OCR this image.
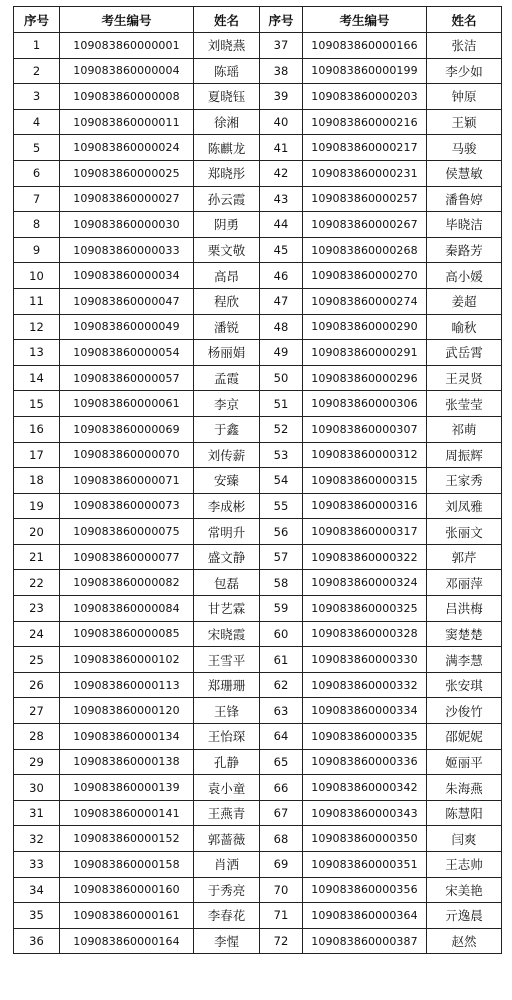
序号	考生编号	姓名	序号	考生编号	姓名
1	109083860000001	刘晓燕	37	109083860000166	张洁
2	109083860000004	陈瑶	38	109083860000199	李少如
3	109083860000008	夏晓钰	39	109083860000203	钟原
4	109083860000011	徐湘	40	109083860000216	王颖
5	109083860000024	陈麒龙	41	109083860000217	马骏
6	109083860000025	郑晓彤	42	109083860000231	侯慧敏
7	109083860000027	孙云霞	43	109083860000257	潘鲁婷
8	109083860000030	阴勇	44	109083860000267	毕晓洁
9	109083860000033	栗文敬	45	109083860000268	秦路芳
10	109083860000034	高昂	46	109083860000270	高小媛
11	109083860000047	程欣	47	109083860000274	姜超
12	109083860000049	潘锐	48	109083860000290	喻秋
13	109083860000054	杨丽娟	49	109083860000291	武岳霄
14	109083860000057	孟霞	50	109083860000296	王灵贤
15	109083860000061	李京	51	109083860000306	张莹莹
16	109083860000069	于鑫	52	109083860000307	祁萌
17	109083860000070	刘传薪	53	109083860000312	周振辉
18	109083860000071	安臻	54	109083860000315	王家秀
19	109083860000073	李成彬	55	109083860000316	刘凤雅
20	109083860000075	常明升	56	109083860000317	张丽文
21	109083860000077	盛文静	57	109083860000322	郭芹
22	109083860000082	包磊	58	109083860000324	邓丽萍
23	109083860000084	甘艺霖	59	109083860000325	吕洪梅
24	109083860000085	宋晓霞	60	109083860000328	窦楚楚
25	109083860000102	王雪平	61	109083860000330	满李慧
26	109083860000113	郑珊珊	62	109083860000332	张安琪
27	109083860000120	王锋	63	109083860000334	沙俊竹
28	109083860000134	王怡琛	64	109083860000335	邵妮妮
29	109083860000138	孔静	65	109083860000336	姬丽平
30	109083860000139	袁小童	66	109083860000342	朱海燕
31	109083860000141	王燕青	67	109083860000343	陈慧阳
32	109083860000152	郭蔷薇	68	109083860000350	闫爽
33	109083860000158	肖洒	69	109083860000351	王志帅
34	109083860000160	于秀亮	70	109083860000356	宋美艳
35	109083860000161	李春花	71	109083860000364	亓逸晨
36	109083860000164	李惺	72	109083860000387	赵然
